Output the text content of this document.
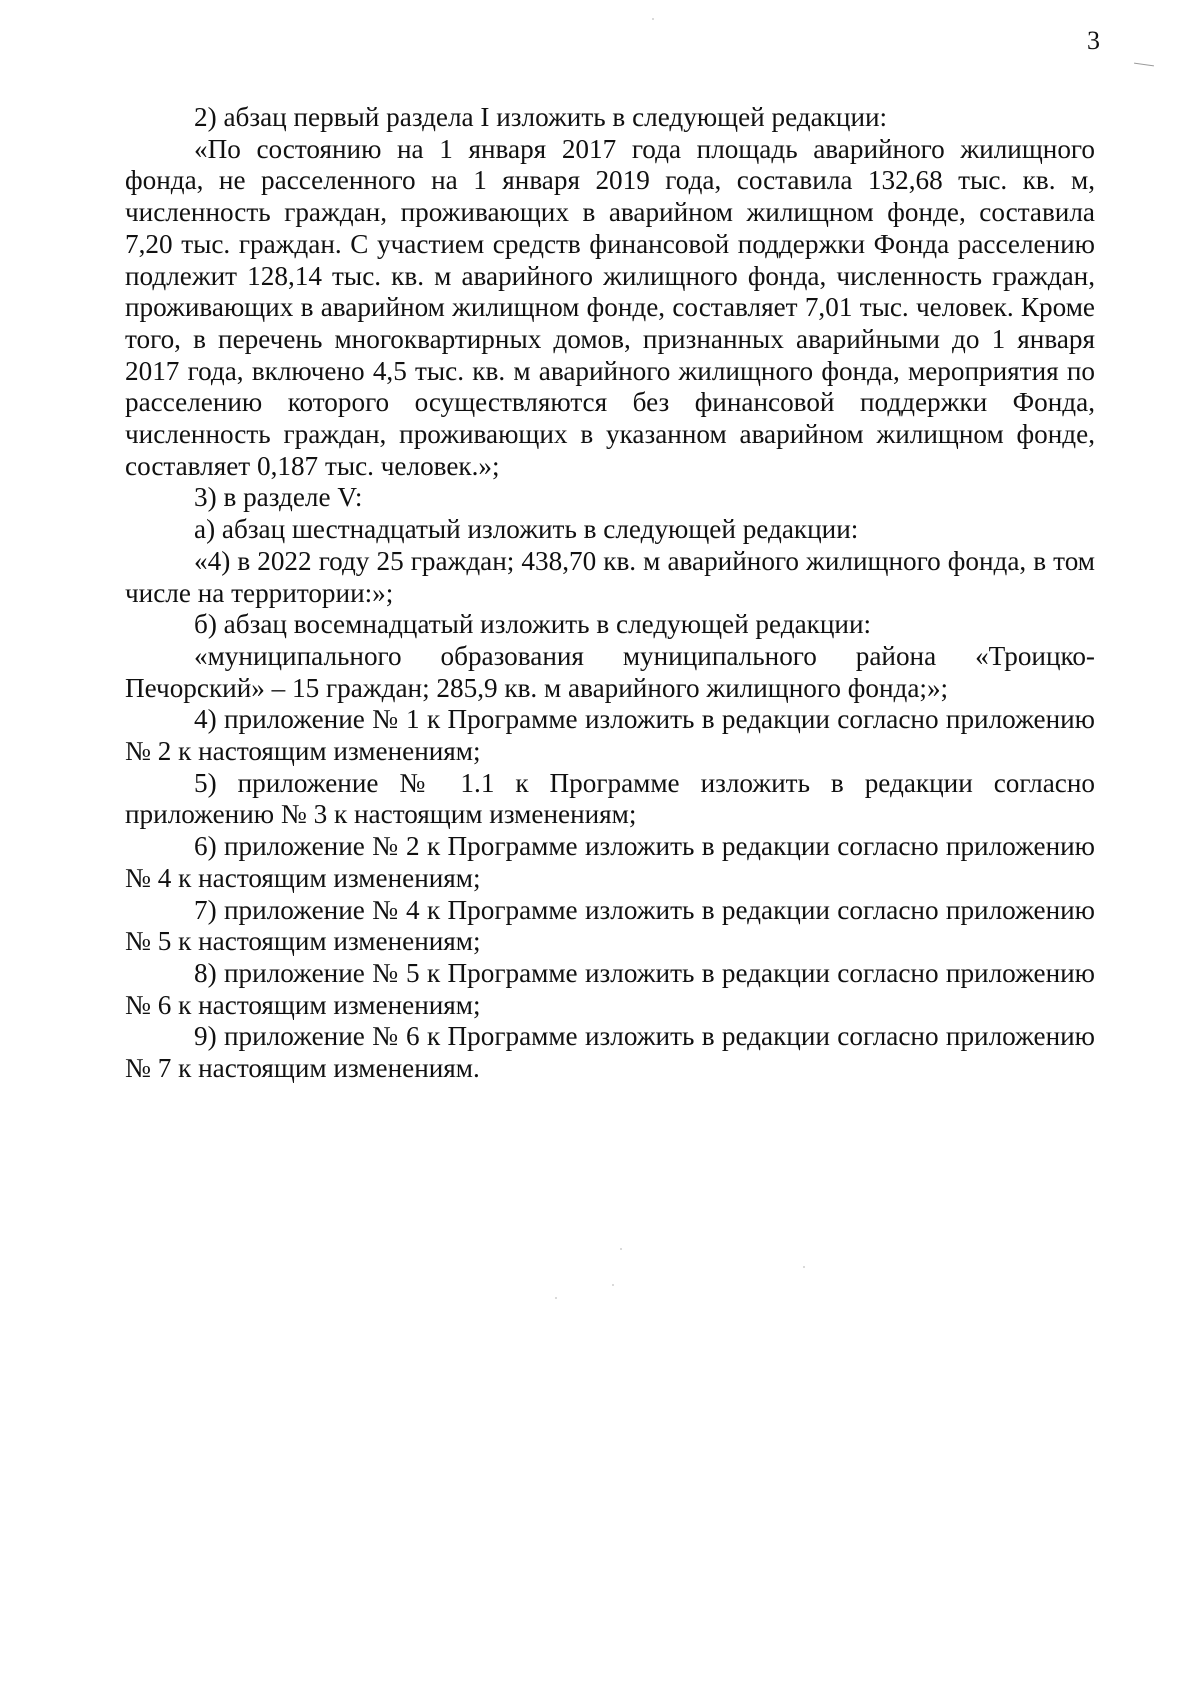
3

2) абзац первый раздела I изложить в следующей редакции:

«По состоянию на 1 января 2017 года площадь аварийного жилищного фонда, не расселенного на 1 января 2019 года, составила 132,68 тыс. кв. м, численность граждан, проживающих в аварийном жилищном фонде, составила 7,20 тыс. граждан. С участием средств финансовой поддержки Фонда расселению подлежит 128,14 тыс. кв. м аварийного жилищного фонда, численность граждан, проживающих в аварийном жилищном фонде, составляет 7,01 тыс. человек. Кроме того, в перечень многоквартирных домов, признанных аварийными до 1 января 2017 года, включено 4,5 тыс. кв. м аварийного жилищного фонда, мероприятия по расселению которого осуществляются без финансовой поддержки Фонда, численность граждан, проживающих в указанном аварийном жилищном фонде, составляет 0,187 тыс. человек.»;

3) в разделе V:

а) абзац шестнадцатый изложить в следующей редакции:

«4) в 2022 году 25 граждан; 438,70 кв. м аварийного жилищного фонда, в том числе на территории:»;

б) абзац восемнадцатый изложить в следующей редакции:

«муниципального образования муниципального района «Троицко-Печорский» – 15 граждан; 285,9 кв. м аварийного жилищного фонда;»;

4) приложение № 1 к Программе изложить в редакции согласно приложению № 2 к настоящим изменениям;

5) приложение № 1.1 к Программе изложить в редакции согласно приложению № 3 к настоящим изменениям;

6) приложение № 2 к Программе изложить в редакции согласно приложению № 4 к настоящим изменениям;

7) приложение № 4 к Программе изложить в редакции согласно приложению № 5 к настоящим изменениям;

8) приложение № 5 к Программе изложить в редакции согласно приложению № 6 к настоящим изменениям;

9) приложение № 6 к Программе изложить в редакции согласно приложению № 7 к настоящим изменениям.
